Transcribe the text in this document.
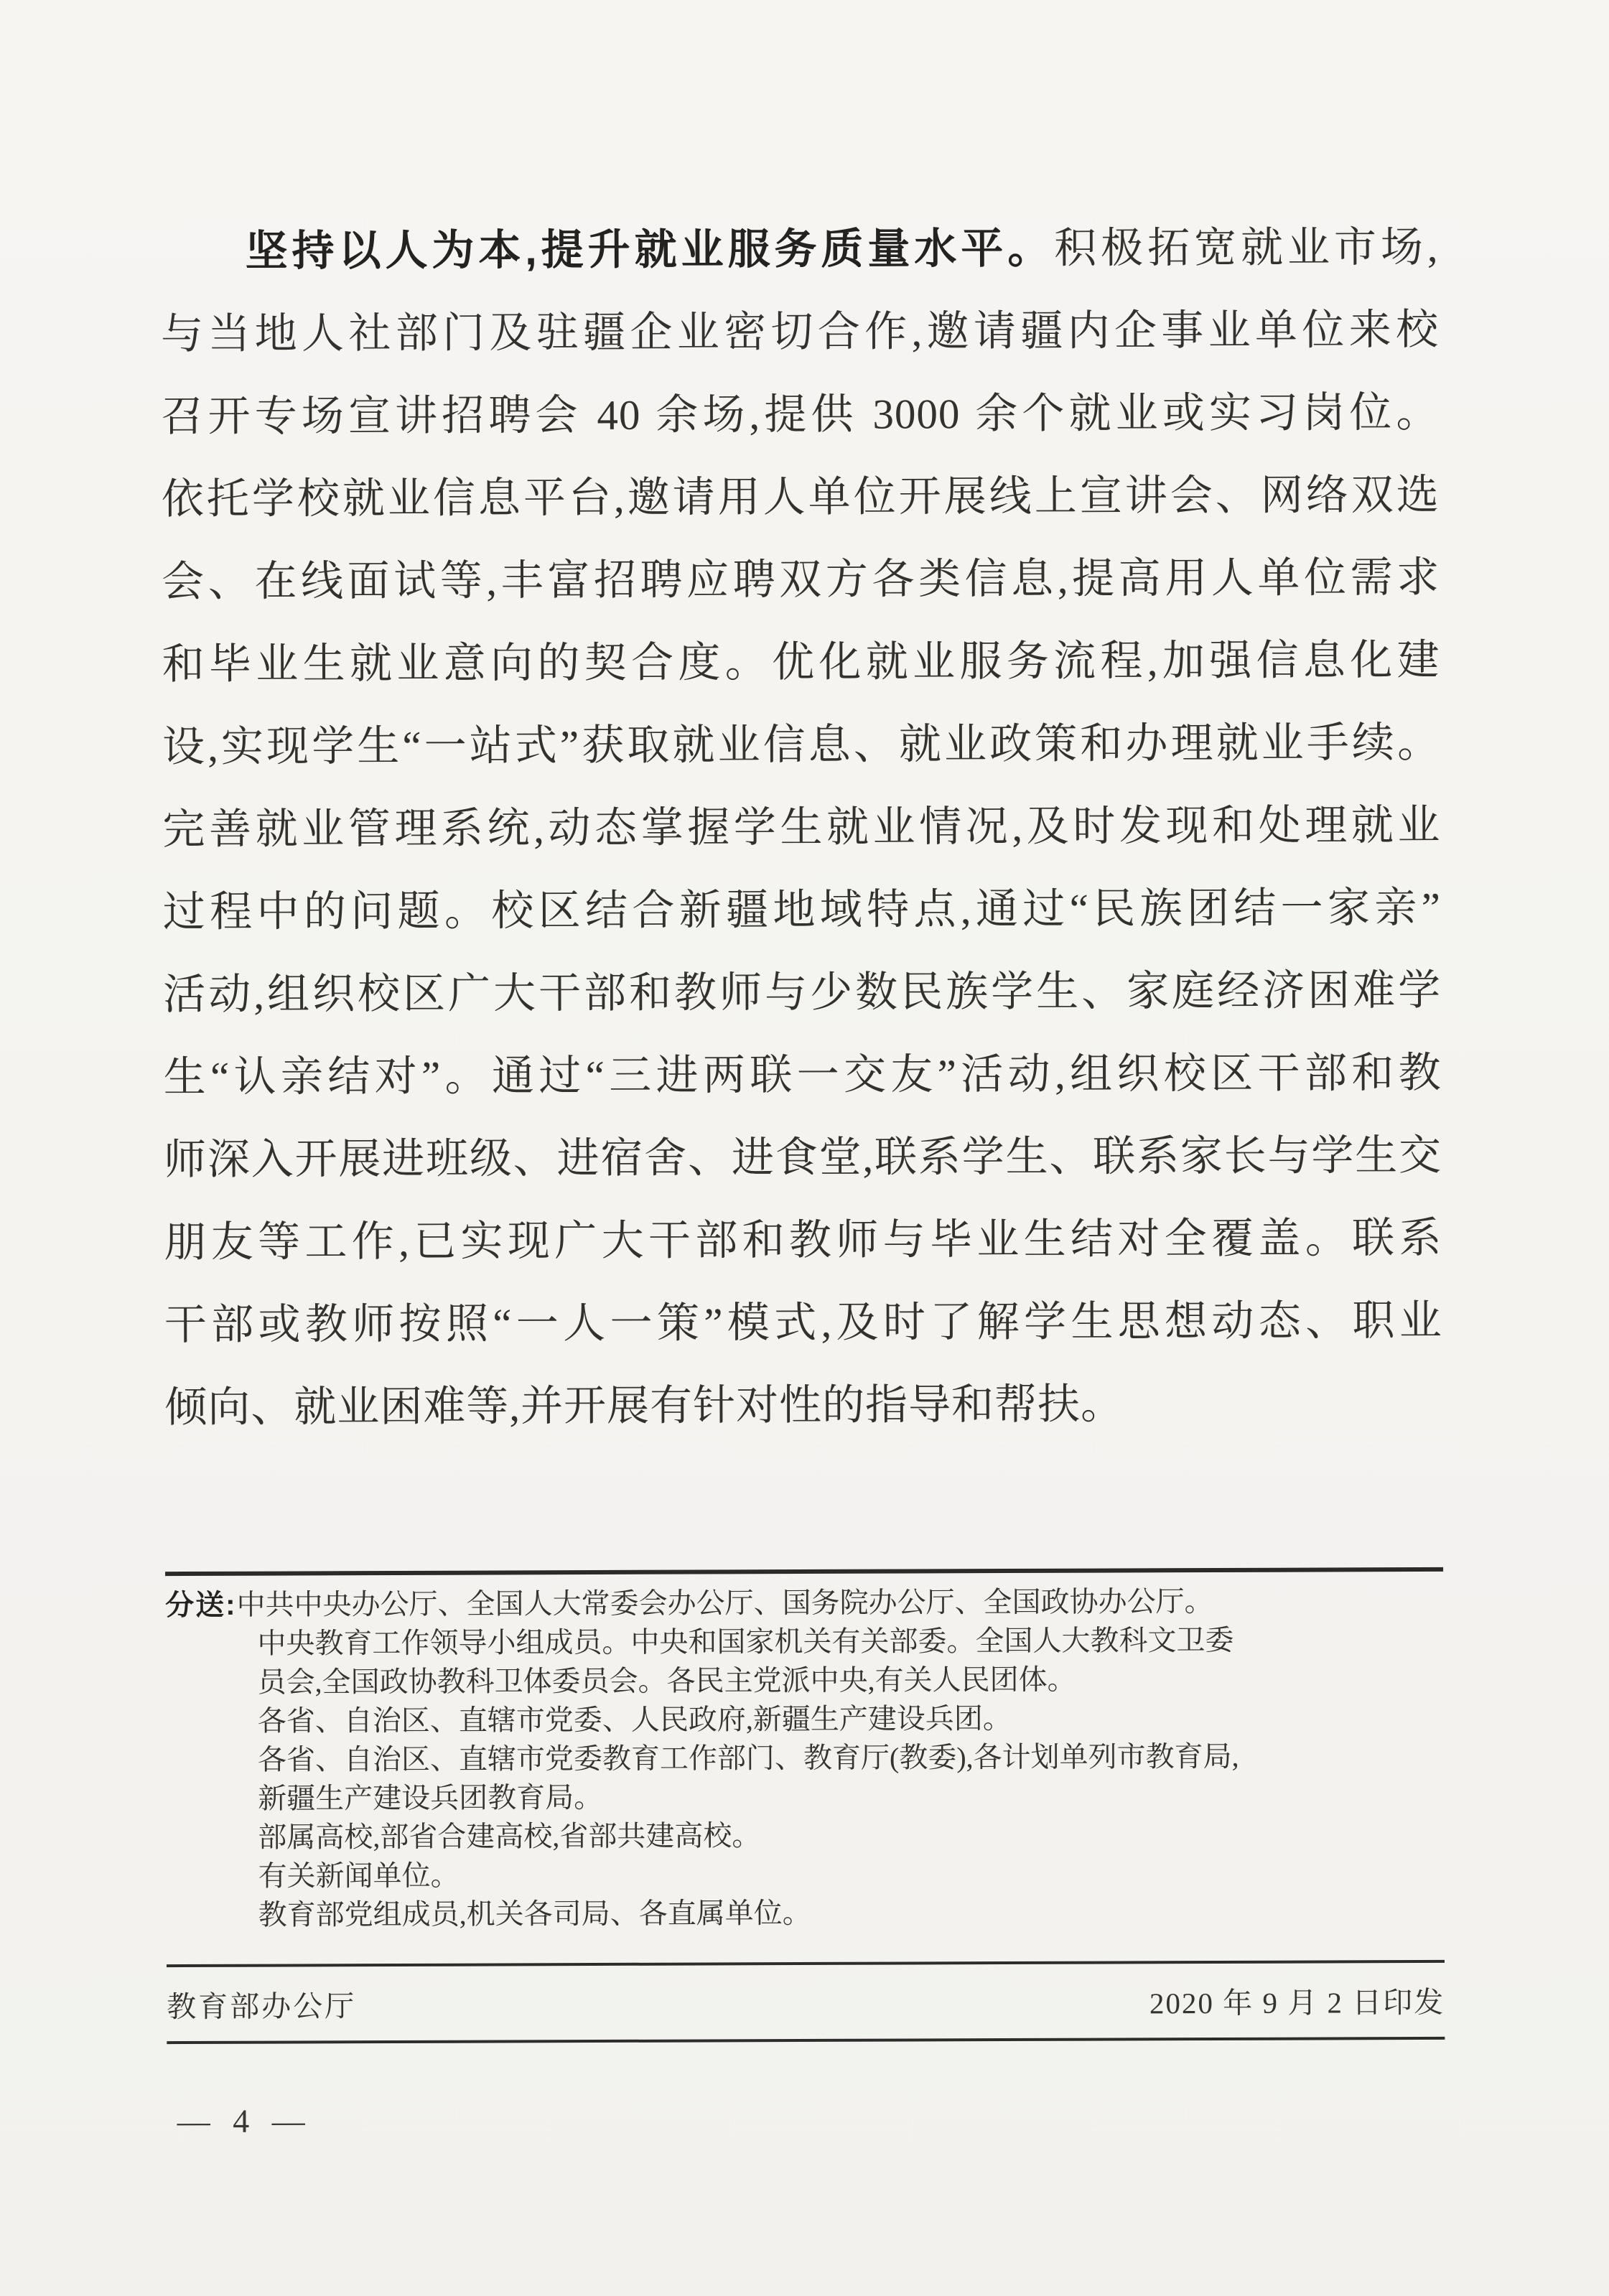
坚持以人为本,提升就业服务质量水平。积极拓宽就业市场,
与当地人社部门及驻疆企业密切合作,邀请疆内企事业单位来校
召开专场宣讲招聘会 40 余场,提供 3000 余个就业或实习岗位。
依托学校就业信息平台,邀请用人单位开展线上宣讲会、网络双选
会、在线面试等,丰富招聘应聘双方各类信息,提高用人单位需求
和毕业生就业意向的契合度。优化就业服务流程,加强信息化建
设,实现学生“一站式”获取就业信息、就业政策和办理就业手续。
完善就业管理系统,动态掌握学生就业情况,及时发现和处理就业
过程中的问题。校区结合新疆地域特点,通过“民族团结一家亲”
活动,组织校区广大干部和教师与少数民族学生、家庭经济困难学
生“认亲结对”。通过“三进两联一交友”活动,组织校区干部和教
师深入开展进班级、进宿舍、进食堂,联系学生、联系家长与学生交
朋友等工作,已实现广大干部和教师与毕业生结对全覆盖。联系
干部或教师按照“一人一策”模式,及时了解学生思想动态、职业
倾向、就业困难等,并开展有针对性的指导和帮扶。
分送:中共中央办公厅、全国人大常委会办公厅、国务院办公厅、全国政协办公厅。
中央教育工作领导小组成员。中央和国家机关有关部委。全国人大教科文卫委
员会,全国政协教科卫体委员会。各民主党派中央,有关人民团体。
各省、自治区、直辖市党委、人民政府,新疆生产建设兵团。
各省、自治区、直辖市党委教育工作部门、教育厅(教委),各计划单列市教育局,
新疆生产建设兵团教育局。
部属高校,部省合建高校,省部共建高校。
有关新闻单位。
教育部党组成员,机关各司局、各直属单位。
教育部办公厅	2020 年 9 月 2 日印发
— 4 —
